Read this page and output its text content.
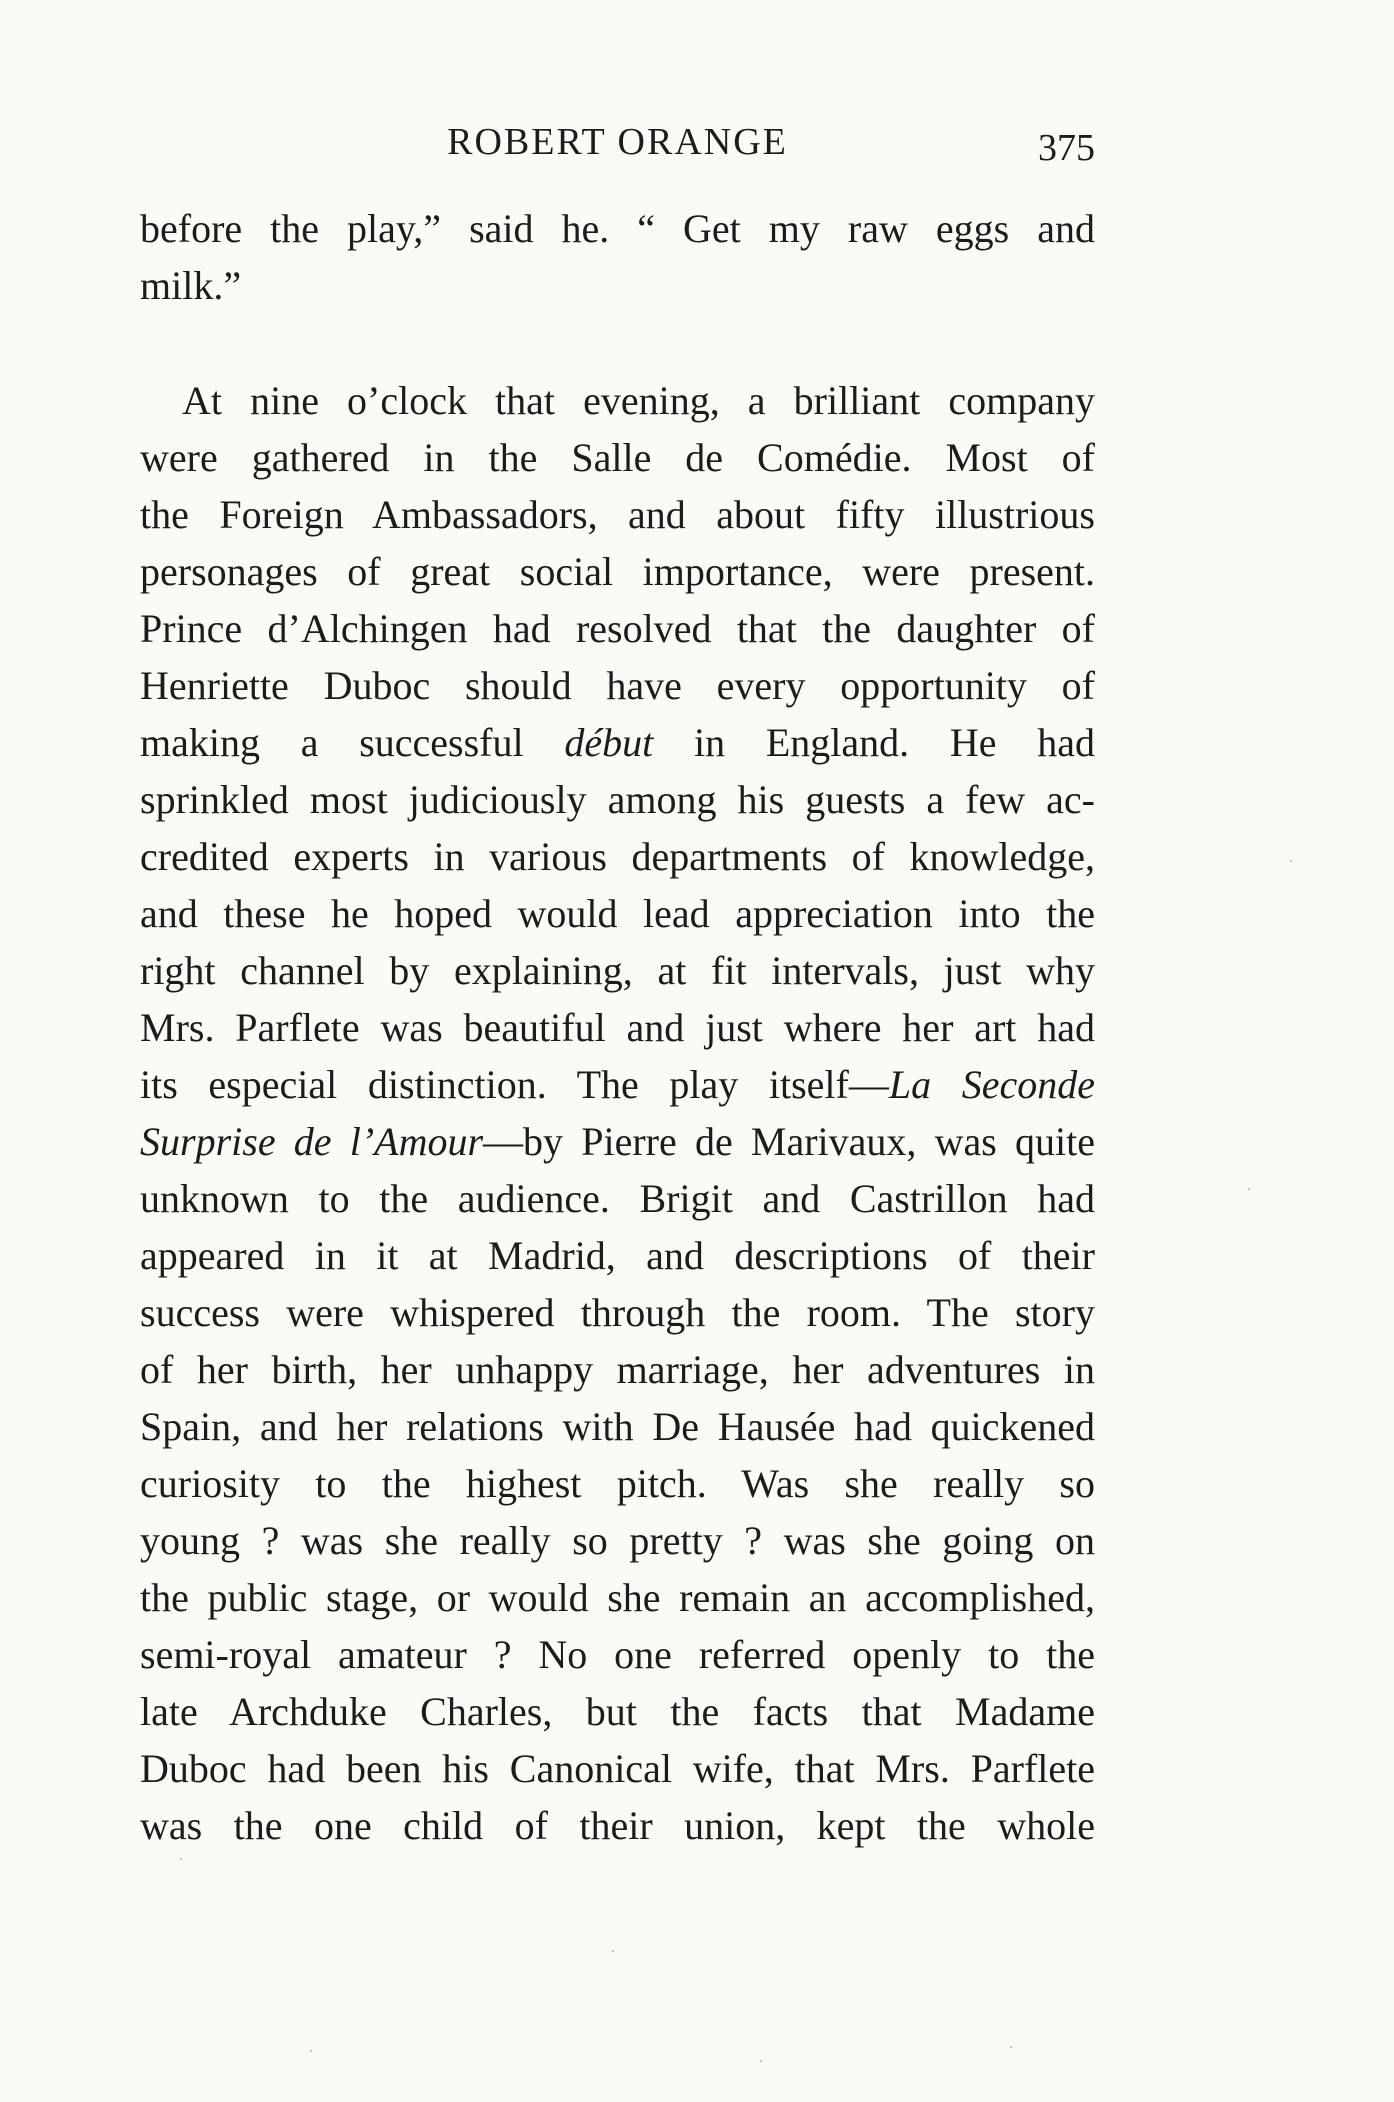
ROBERT ORANGE	375
before the play,” said he. “ Get my raw eggs and
milk.”
At nine o’clock that evening, a brilliant company
were gathered in the Salle de Comédie. Most of
the Foreign Ambassadors, and about fifty illustrious
personages of great social importance, were present.
Prince d’Alchingen had resolved that the daughter of
Henriette Duboc should have every opportunity of
making a successful début in England. He had
sprinkled most judiciously among his guests a few ac-
credited experts in various departments of knowledge,
and these he hoped would lead appreciation into the
right channel by explaining, at fit intervals, just why
Mrs. Parflete was beautiful and just where her art had
its especial distinction. The play itself—La Seconde
Surprise de l’Amour—by Pierre de Marivaux, was quite
unknown to the audience. Brigit and Castrillon had
appeared in it at Madrid, and descriptions of their
success were whispered through the room. The story
of her birth, her unhappy marriage, her adventures in
Spain, and her relations with De Hausée had quickened
curiosity to the highest pitch. Was she really so
young ? was she really so pretty ? was she going on
the public stage, or would she remain an accomplished,
semi-royal amateur ? No one referred openly to the
late Archduke Charles, but the facts that Madame
Duboc had been his Canonical wife, that Mrs. Parflete
was the one child of their union, kept the whole
